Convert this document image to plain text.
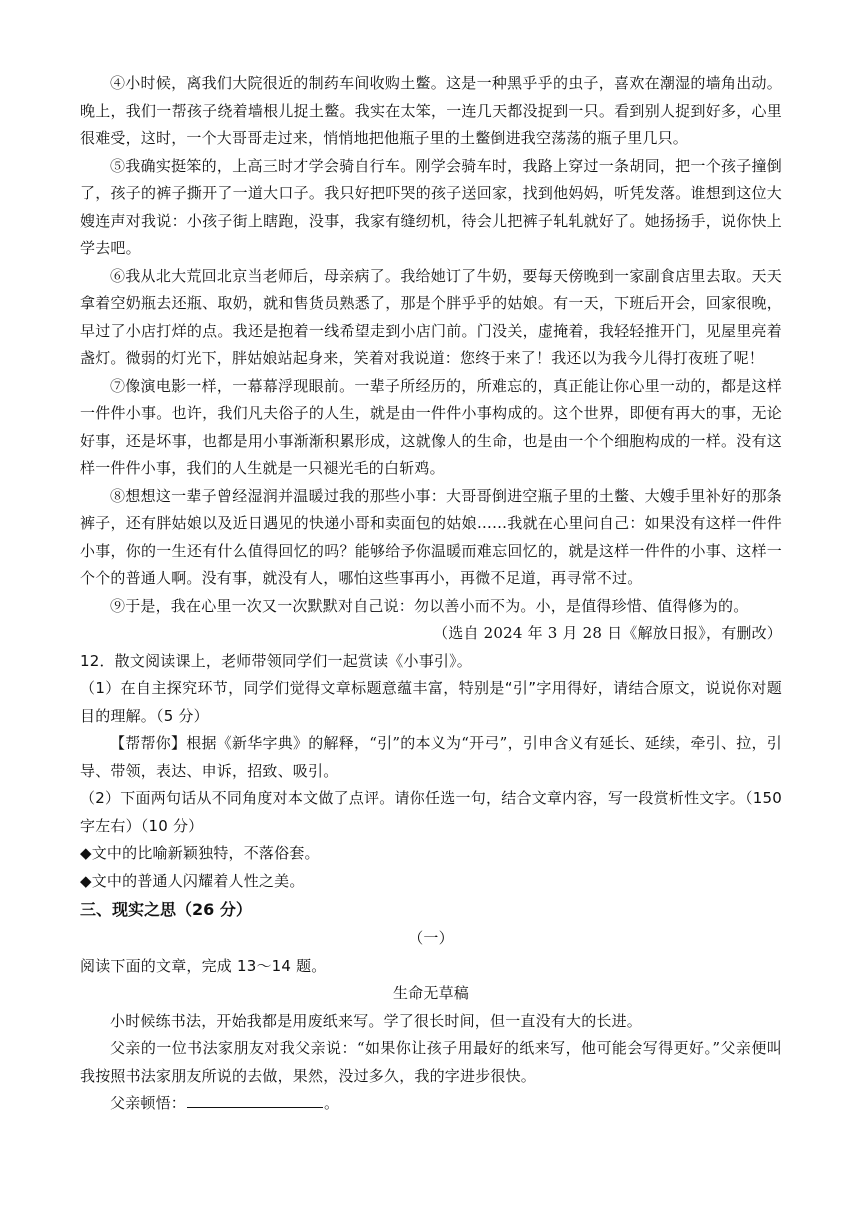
④小时候，离我们大院很近的制药车间收购土鳖。这是一种黑乎乎的虫子，喜欢在潮湿的墙角出动。晚上，我们一帮孩子绕着墙根儿捉土鳖。我实在太笨，一连几天都没捉到一只。看到别人捉到好多，心里很难受，这时，一个大哥哥走过来，悄悄地把他瓶子里的土鳖倒进我空荡荡的瓶子里几只。

⑤我确实挺笨的，上高三时才学会骑自行车。刚学会骑车时，我路上穿过一条胡同，把一个孩子撞倒了，孩子的裤子撕开了一道大口子。我只好把吓哭的孩子送回家，找到他妈妈，听凭发落。谁想到这位大嫂连声对我说：小孩子街上瞎跑，没事，我家有缝纫机，待会儿把裤子轧轧就好了。她扬扬手，说你快上学去吧。

⑥我从北大荒回北京当老师后，母亲病了。我给她订了牛奶，要每天傍晚到一家副食店里去取。天天拿着空奶瓶去还瓶、取奶，就和售货员熟悉了，那是个胖乎乎的姑娘。有一天，下班后开会，回家很晚，早过了小店打烊的点。我还是抱着一线希望走到小店门前。门没关，虚掩着，我轻轻推开门，见屋里亮着盏灯。微弱的灯光下，胖姑娘站起身来，笑着对我说道：您终于来了！我还以为我今儿得打夜班了呢！

⑦像演电影一样，一幕幕浮现眼前。一辈子所经历的，所难忘的，真正能让你心里一动的，都是这样一件件小事。也许，我们凡夫俗子的人生，就是由一件件小事构成的。这个世界，即便有再大的事，无论好事，还是坏事，也都是用小事渐渐积累形成，这就像人的生命，也是由一个个细胞构成的一样。没有这样一件件小事，我们的人生就是一只褪光毛的白斩鸡。

⑧想想这一辈子曾经湿润并温暖过我的那些小事：大哥哥倒进空瓶子里的土鳖、大嫂手里补好的那条裤子，还有胖姑娘以及近日遇见的快递小哥和卖面包的姑娘……我就在心里问自己：如果没有这样一件件小事，你的一生还有什么值得回忆的吗？能够给予你温暖而难忘回忆的，就是这样一件件的小事、这样一个个的普通人啊。没有事，就没有人，哪怕这些事再小，再微不足道，再寻常不过。

⑨于是，我在心里一次又一次默默对自己说：勿以善小而不为。小，是值得珍惜、值得修为的。

（选自 2024 年 3 月 28 日《解放日报》，有删改）

12．散文阅读课上，老师带领同学们一起赏读《小事引》。

（1）在自主探究环节，同学们觉得文章标题意蕴丰富，特别是“引”字用得好，请结合原文，说说你对题目的理解。（5 分）

【帮帮你】根据《新华字典》的解释，“引”的本义为“开弓”，引申含义有延长、延续，牵引、拉，引导、带领，表达、申诉，招致、吸引。

（2）下面两句话从不同角度对本文做了点评。请你任选一句，结合文章内容，写一段赏析性文字。（150 字左右）（10 分）

◆文中的比喻新颖独特，不落俗套。

◆文中的普通人闪耀着人性之美。

三、现实之思（26 分）

（一）

阅读下面的文章，完成 13～14 题。

生命无草稿

小时候练书法，开始我都是用废纸来写。学了很长时间，但一直没有大的长进。

父亲的一位书法家朋友对我父亲说：“如果你让孩子用最好的纸来写，他可能会写得更好。”父亲便叫我按照书法家朋友所说的去做，果然，没过多久，我的字进步很快。

父亲顿悟：	。
